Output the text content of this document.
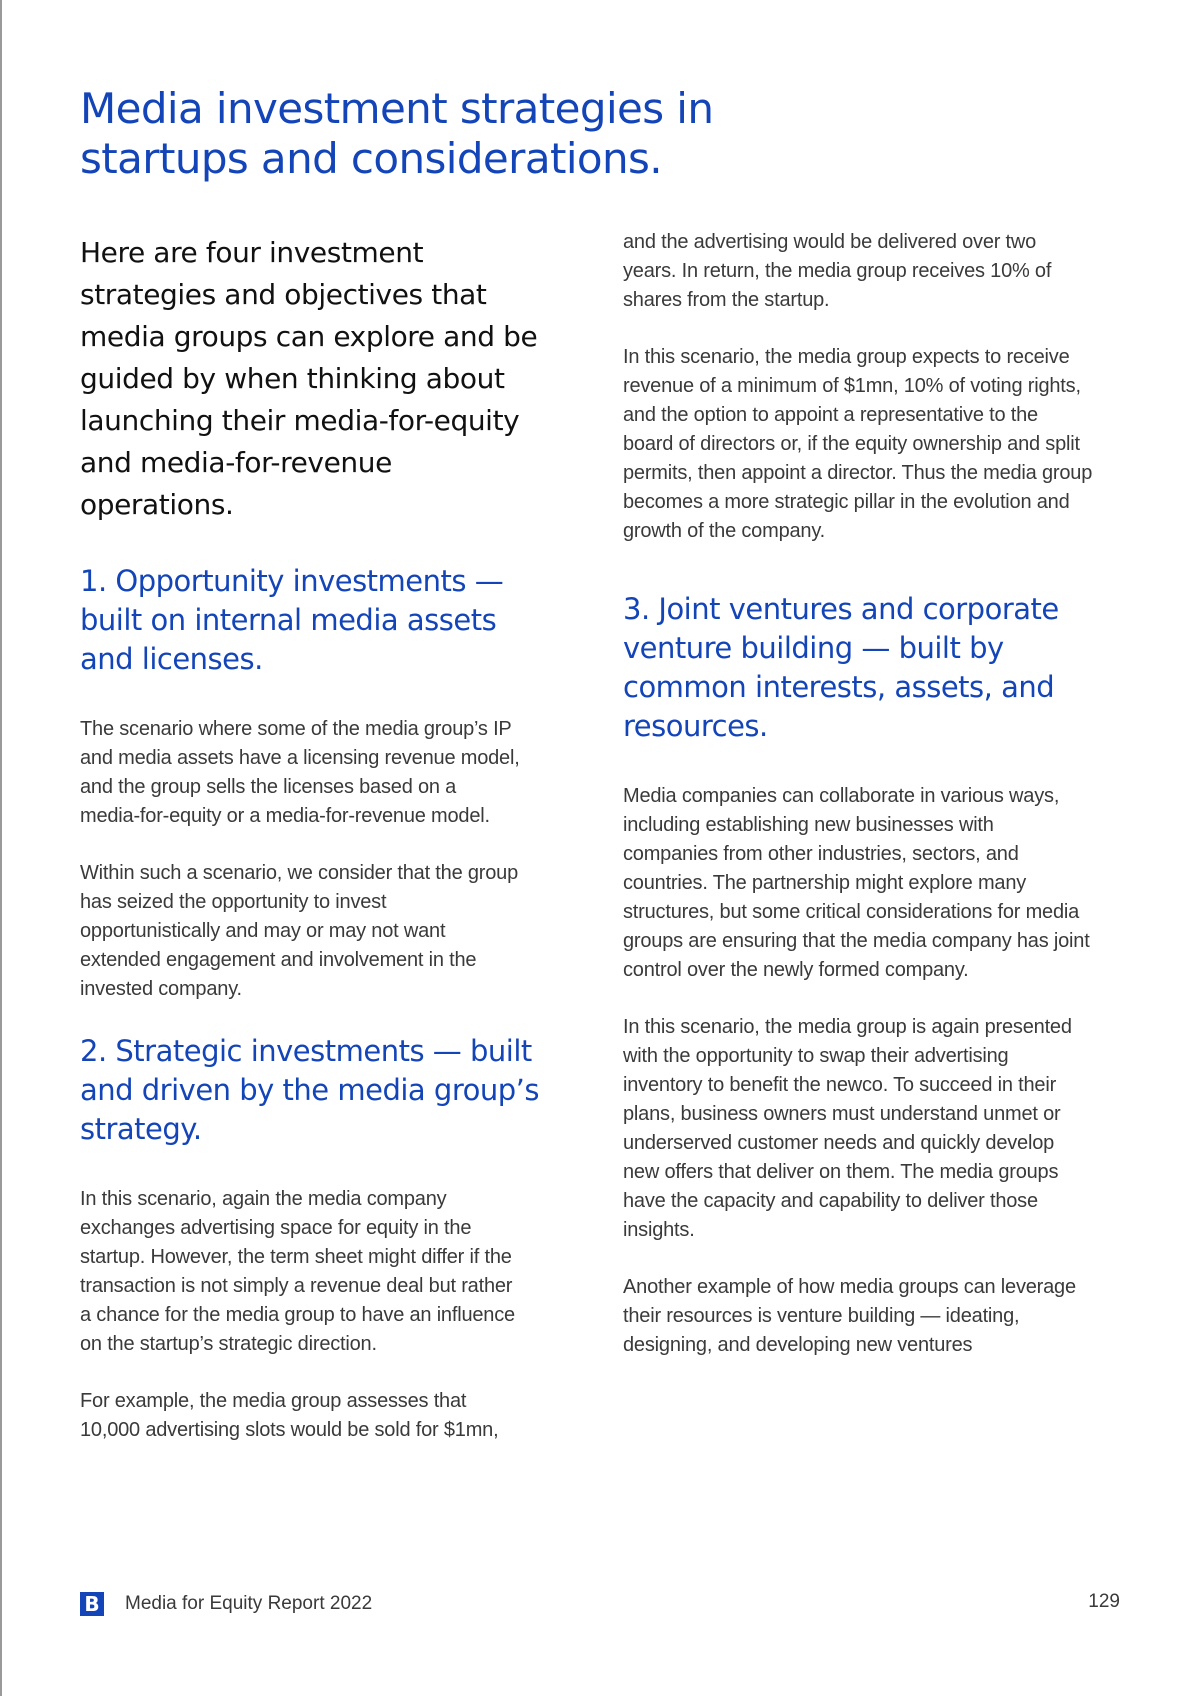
Media investment strategies in startups and considerations.

Here are four investment strategies and objectives that media groups can explore and be guided by when thinking about launching their media-for-equity and media-for-revenue operations.

1. Opportunity investments — built on internal media assets and licenses.

The scenario where some of the media group’s IP and media assets have a licensing revenue model, and the group sells the licenses based on a media-for-equity or a media-for-revenue model.

Within such a scenario, we consider that the group has seized the opportunity to invest opportunistically and may or may not want extended engagement and involvement in the invested company.

2. Strategic investments — built and driven by the media group’s strategy.

In this scenario, again the media company exchanges advertising space for equity in the startup. However, the term sheet might differ if the transaction is not simply a revenue deal but rather a chance for the media group to have an influence on the startup’s strategic direction.

For example, the media group assesses that 10,000 advertising slots would be sold for $1mn,

and the advertising would be delivered over two years. In return, the media group receives 10% of shares from the startup.

In this scenario, the media group expects to receive revenue of a minimum of $1mn, 10% of voting rights, and the option to appoint a representative to the board of directors or, if the equity ownership and split permits, then appoint a director. Thus the media group becomes a more strategic pillar in the evolution and growth of the company.

3. Joint ventures and corporate venture building — built by common interests, assets, and resources.

Media companies can collaborate in various ways, including establishing new businesses with companies from other industries, sectors, and countries. The partnership might explore many structures, but some critical considerations for media groups are ensuring that the media company has joint control over the newly formed company.

In this scenario, the media group is again presented with the opportunity to swap their advertising inventory to benefit the newco. To succeed in their plans, business owners must understand unmet or underserved customer needs and quickly develop new offers that deliver on them. The media groups have the capacity and capability to deliver those insights.

Another example of how media groups can leverage their resources is venture building — ideating, designing, and developing new ventures

B Media for Equity Report 2022	129
